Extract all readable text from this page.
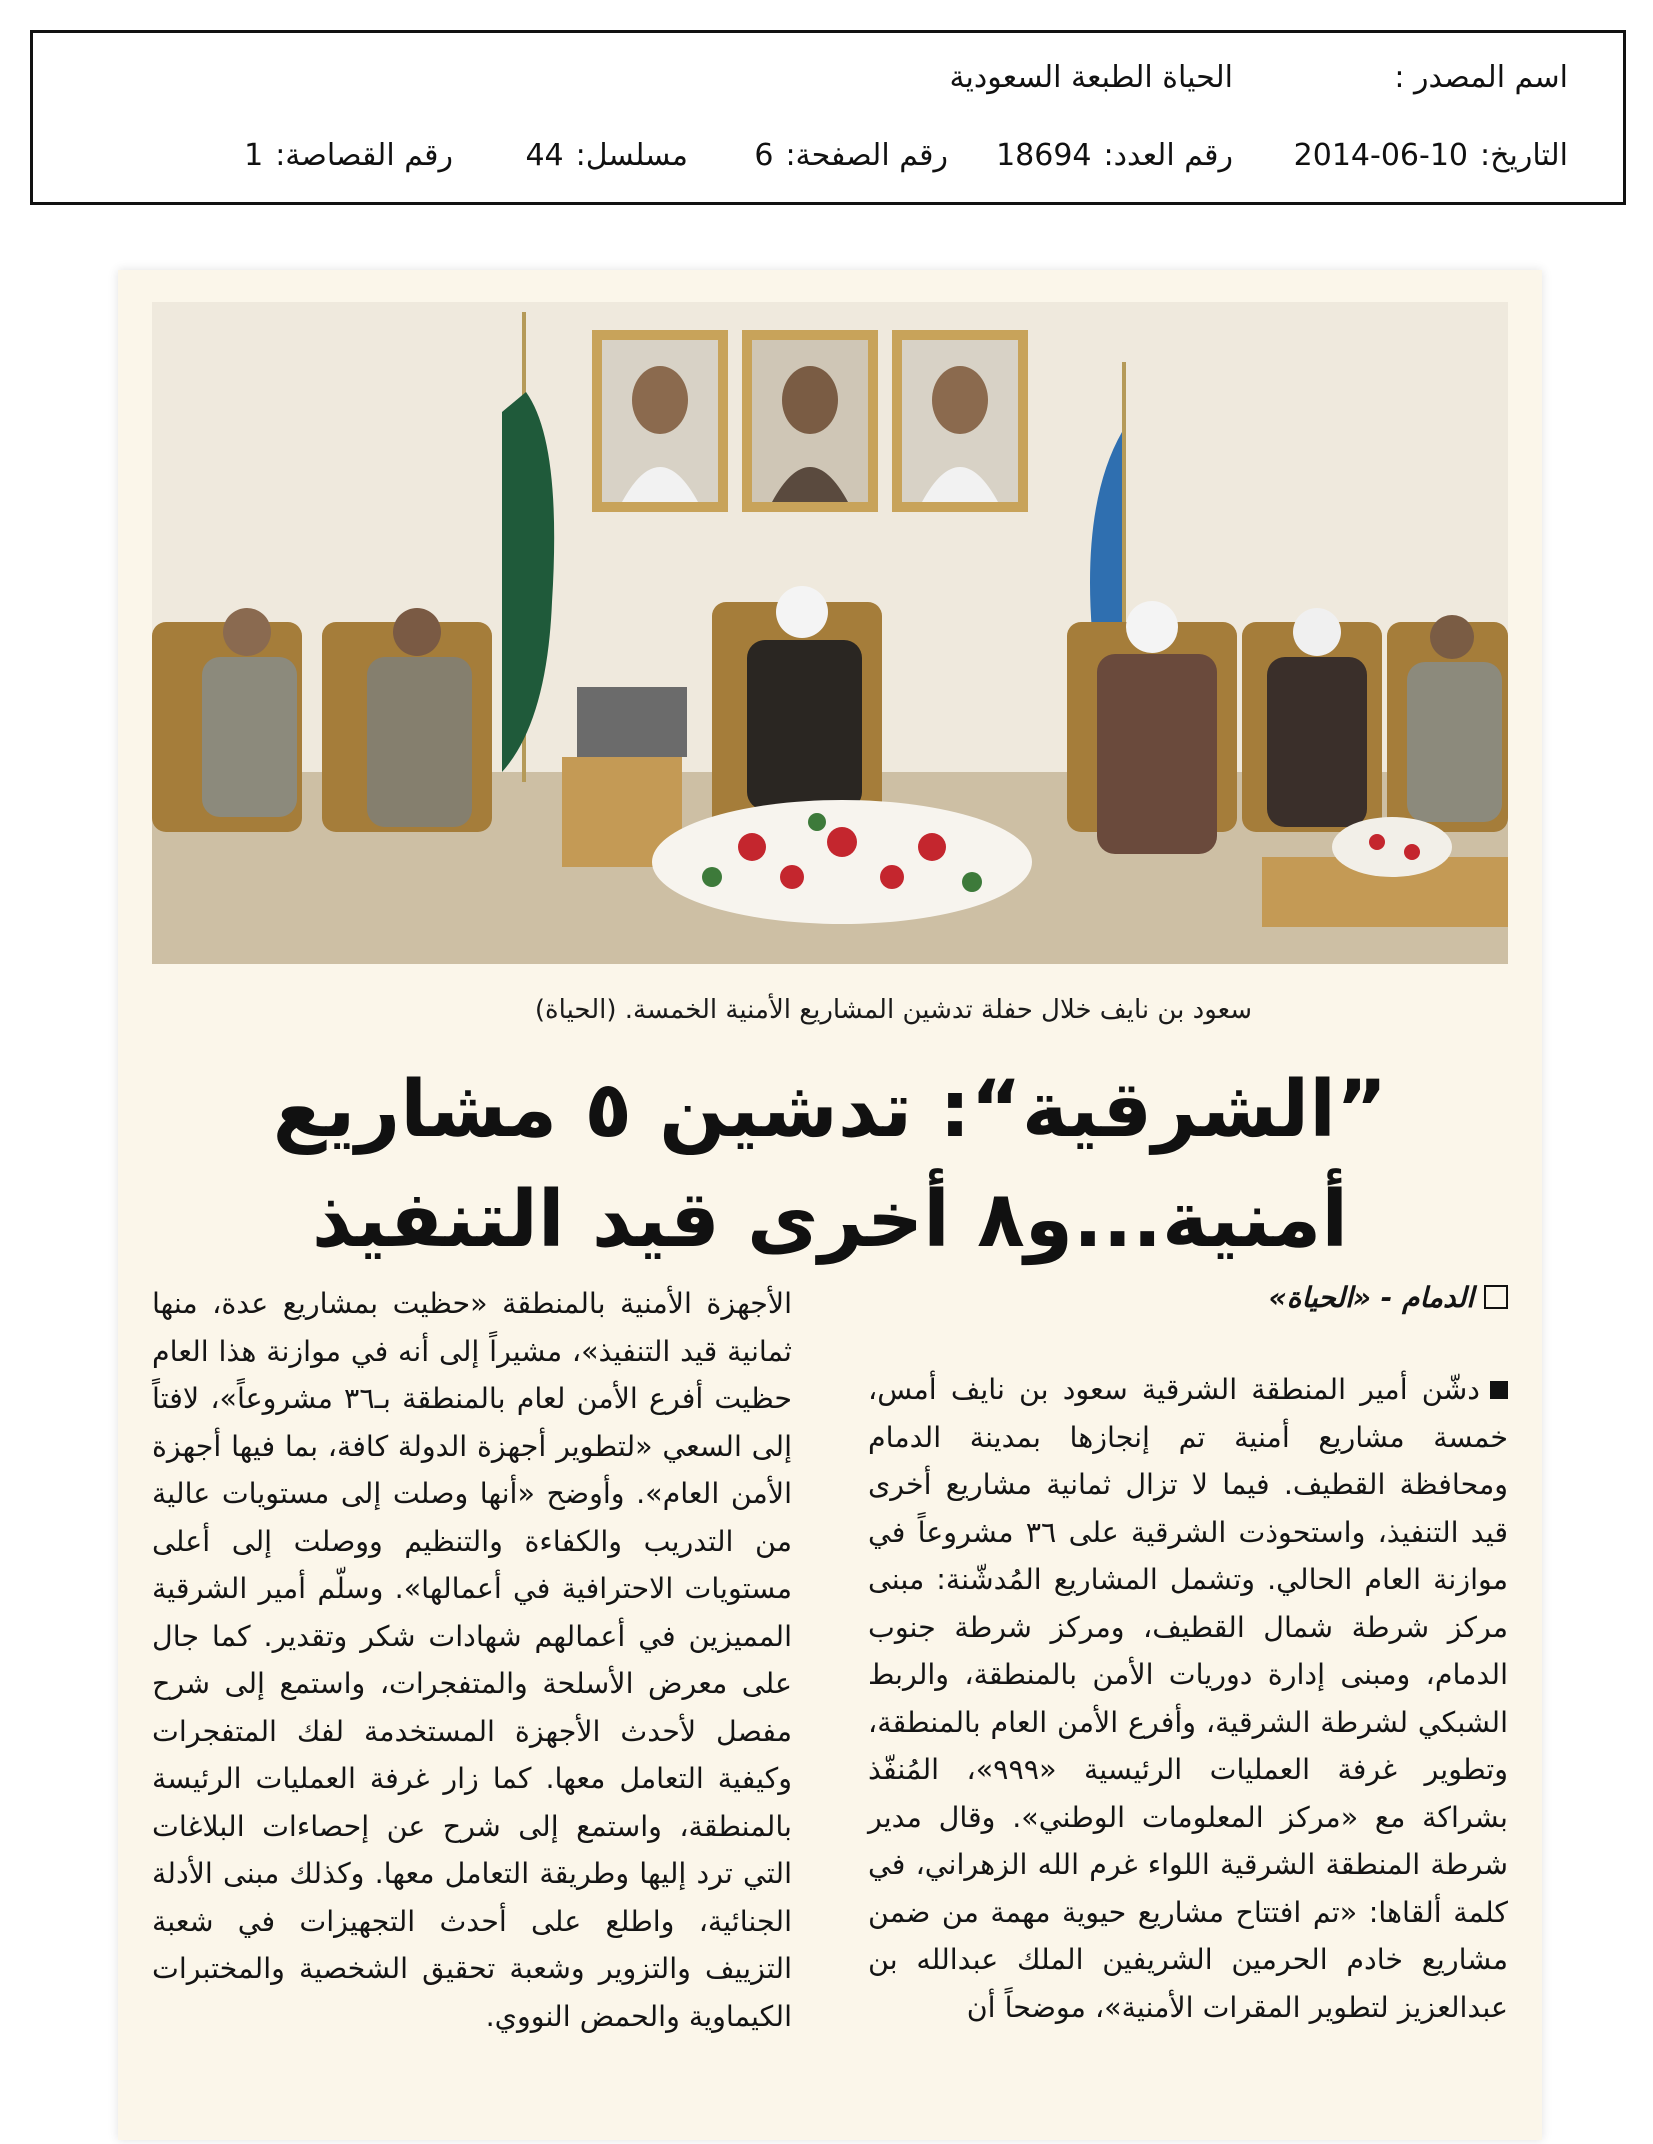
اسم المصدر :
الحياة الطبعة السعودية
التاريخ:
2014-06-10
رقم العدد:
18694
رقم الصفحة:
6
مسلسل:
44
رقم القصاصة:
1
سعود بن نايف خلال حفلة تدشين المشاريع الأمنية الخمسة. (الحياة)
”الشرقية“: تدشين ٥ مشاريع
أمنية...و٨ أخرى قيد التنفيذ
الدمام - «الحياة»

دشّن أمير المنطقة الشرقية سعود بن نايف أمس، خمسة مشاريع أمنية تم إنجازها بمدينة الدمام ومحافظة القطيف. فيما لا تزال ثمانية مشاريع أخرى قيد التنفيذ، واستحوذت الشرقية على ٣٦ مشروعاً في موازنة العام الحالي. وتشمل المشاريع المُدشّنة: مبنى مركز شرطة شمال القطيف، ومركز شرطة جنوب الدمام، ومبنى إدارة دوريات الأمن بالمنطقة، والربط الشبكي لشرطة الشرقية، وأفرع الأمن العام بالمنطقة، وتطوير غرفة العمليات الرئيسية «٩٩٩»، المُنفّذ بشراكة مع «مركز المعلومات الوطني». وقال مدير شرطة المنطقة الشرقية اللواء غرم الله الزهراني، في كلمة ألقاها: «تم افتتاح مشاريع حيوية مهمة من ضمن مشاريع خادم الحرمين الشريفين الملك عبدالله بن عبدالعزيز لتطوير المقرات الأمنية»، موضحاً أن

الأجهزة الأمنية بالمنطقة «حظيت بمشاريع عدة، منها ثمانية قيد التنفيذ»، مشيراً إلى أنه في موازنة هذا العام حظيت أفرع الأمن لعام بالمنطقة بـ٣٦ مشروعاً»، لافتاً إلى السعي «لتطوير أجهزة الدولة كافة، بما فيها أجهزة الأمن العام». وأوضح «أنها وصلت إلى مستويات عالية من التدريب والكفاءة والتنظيم ووصلت إلى أعلى مستويات الاحترافية في أعمالها». وسلّم أمير الشرقية المميزين في أعمالهم شهادات شكر وتقدير. كما جال على معرض الأسلحة والمتفجرات، واستمع إلى شرح مفصل لأحدث الأجهزة المستخدمة لفك المتفجرات وكيفية التعامل معها. كما زار غرفة العمليات الرئيسة بالمنطقة، واستمع إلى شرح عن إحصاءات البلاغات التي ترد إليها وطريقة التعامل معها. وكذلك مبنى الأدلة الجنائية، واطلع على أحدث التجهيزات في شعبة التزييف والتزوير وشعبة تحقيق الشخصية والمختبرات الكيماوية والحمض النووي.
